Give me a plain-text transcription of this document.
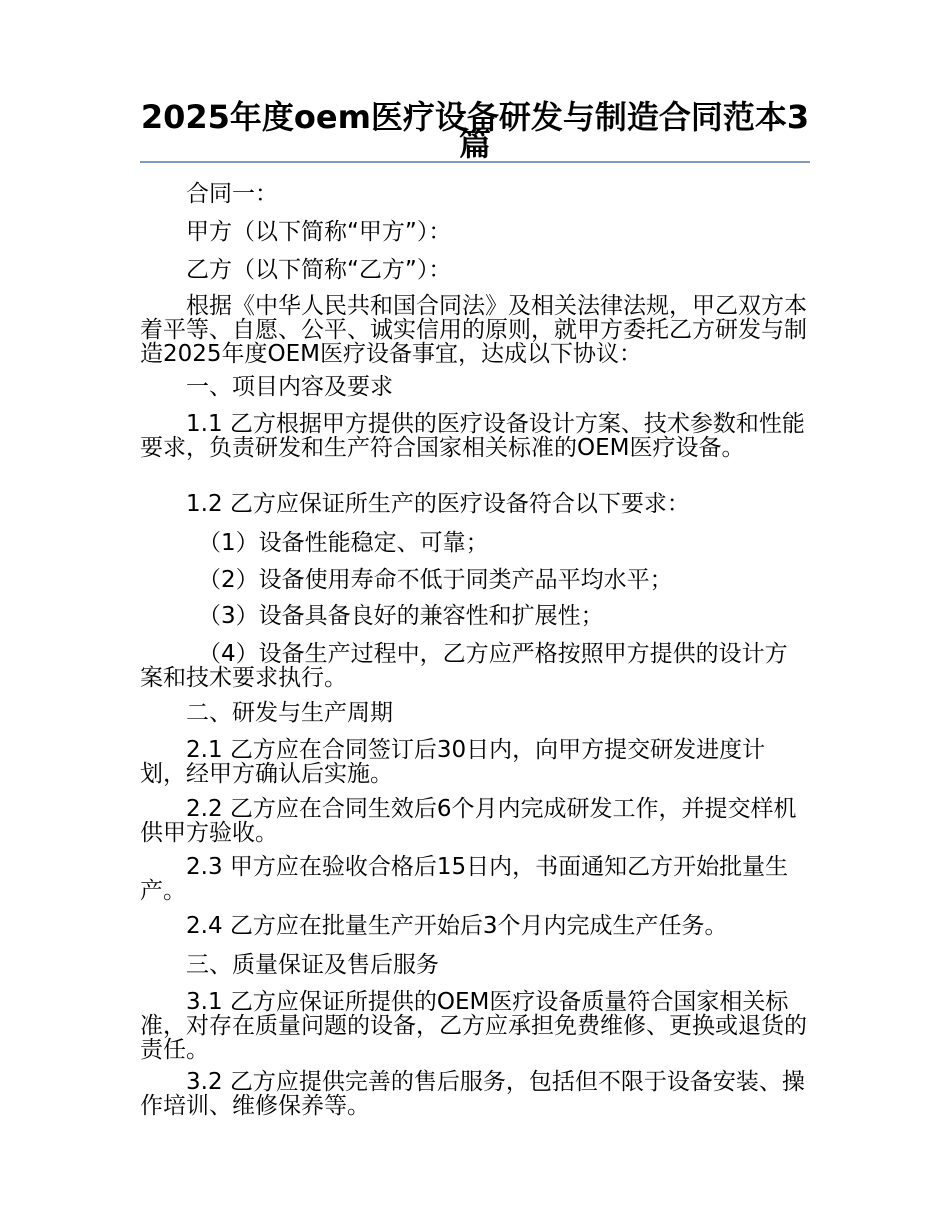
2025年度oem医疗设备研发与制造合同范本3篇

合同一：

甲方（以下简称“甲方”）：

乙方（以下简称“乙方”）：

根据《中华人民共和国合同法》及相关法律法规，甲乙双方本着平等、自愿、公平、诚实信用的原则，就甲方委托乙方研发与制造2025年度OEM医疗设备事宜，达成以下协议：

一、项目内容及要求

1.1 乙方根据甲方提供的医疗设备设计方案、技术参数和性能要求，负责研发和生产符合国家相关标准的OEM医疗设备。

1.2 乙方应保证所生产的医疗设备符合以下要求：

（1）设备性能稳定、可靠；

（2）设备使用寿命不低于同类产品平均水平；

（3）设备具备良好的兼容性和扩展性；

（4）设备生产过程中，乙方应严格按照甲方提供的设计方案和技术要求执行。

二、研发与生产周期

2.1 乙方应在合同签订后30日内，向甲方提交研发进度计划，经甲方确认后实施。

2.2 乙方应在合同生效后6个月内完成研发工作，并提交样机供甲方验收。

2.3 甲方应在验收合格后15日内，书面通知乙方开始批量生产。

2.4 乙方应在批量生产开始后3个月内完成生产任务。

三、质量保证及售后服务

3.1 乙方应保证所提供的OEM医疗设备质量符合国家相关标准，对存在质量问题的设备，乙方应承担免费维修、更换或退货的责任。

3.2 乙方应提供完善的售后服务，包括但不限于设备安装、操作培训、维修保养等。
